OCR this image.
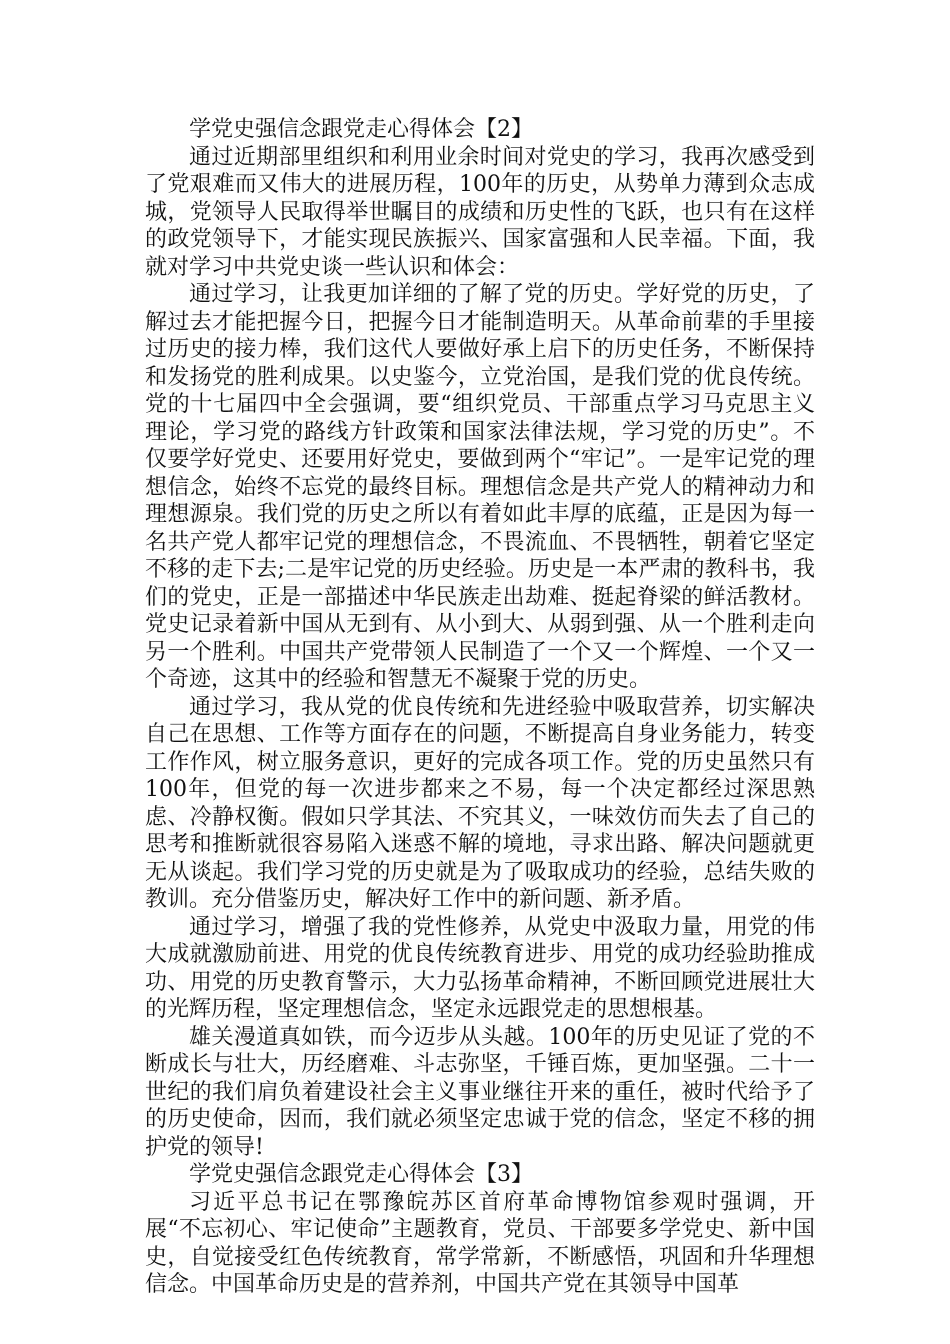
学党史强信念跟党走心得体会【2】

通过近期部里组织和利用业余时间对党史的学习，我再次感受到了党艰难而又伟大的进展历程，100年的历史，从势单力薄到众志成城，党领导人民取得举世瞩目的成绩和历史性的飞跃，也只有在这样的政党领导下，才能实现民族振兴、国家富强和人民幸福。下面，我就对学习中共党史谈一些认识和体会：

通过学习，让我更加详细的了解了党的历史。学好党的历史，了解过去才能把握今日，把握今日才能制造明天。从革命前辈的手里接过历史的接力棒，我们这代人要做好承上启下的历史任务，不断保持和发扬党的胜利成果。以史鉴今，立党治国，是我们党的优良传统。党的十七届四中全会强调，要“组织党员、干部重点学习马克思主义理论，学习党的路线方针政策和国家法律法规，学习党的历史”。不仅要学好党史、还要用好党史，要做到两个“牢记”。一是牢记党的理想信念，始终不忘党的最终目标。理想信念是共产党人的精神动力和理想源泉。我们党的历史之所以有着如此丰厚的底蕴，正是因为每一名共产党人都牢记党的理想信念，不畏流血、不畏牺牲，朝着它坚定不移的走下去;二是牢记党的历史经验。历史是一本严肃的教科书，我们的党史，正是一部描述中华民族走出劫难、挺起脊梁的鲜活教材。党史记录着新中国从无到有、从小到大、从弱到强、从一个胜利走向另一个胜利。中国共产党带领人民制造了一个又一个辉煌、一个又一个奇迹，这其中的经验和智慧无不凝聚于党的历史。

通过学习，我从党的优良传统和先进经验中吸取营养，切实解决自己在思想、工作等方面存在的问题，不断提高自身业务能力，转变工作作风，树立服务意识，更好的完成各项工作。党的历史虽然只有100年，但党的每一次进步都来之不易，每一个决定都经过深思熟虑、冷静权衡。假如只学其法、不究其义，一味效仿而失去了自己的思考和推断就很容易陷入迷惑不解的境地，寻求出路、解决问题就更无从谈起。我们学习党的历史就是为了吸取成功的经验，总结失败的教训。充分借鉴历史，解决好工作中的新问题、新矛盾。

通过学习，增强了我的党性修养，从党史中汲取力量，用党的伟大成就激励前进、用党的优良传统教育进步、用党的成功经验助推成功、用党的历史教育警示，大力弘扬革命精神，不断回顾党进展壮大的光辉历程，坚定理想信念，坚定永远跟党走的思想根基。

雄关漫道真如铁，而今迈步从头越。100年的历史见证了党的不断成长与壮大，历经磨难、斗志弥坚，千锤百炼，更加坚强。二十一世纪的我们肩负着建设社会主义事业继往开来的重任，被时代给予了的历史使命，因而，我们就必须坚定忠诚于党的信念，坚定不移的拥护党的领导!

学党史强信念跟党走心得体会【3】

习近平总书记在鄂豫皖苏区首府革命博物馆参观时强调，开展“不忘初心、牢记使命”主题教育，党员、干部要多学党史、新中国史，自觉接受红色传统教育，常学常新，不断感悟，巩固和升华理想信念。中国革命历史是的营养剂，中国共产党在其领导中国革
